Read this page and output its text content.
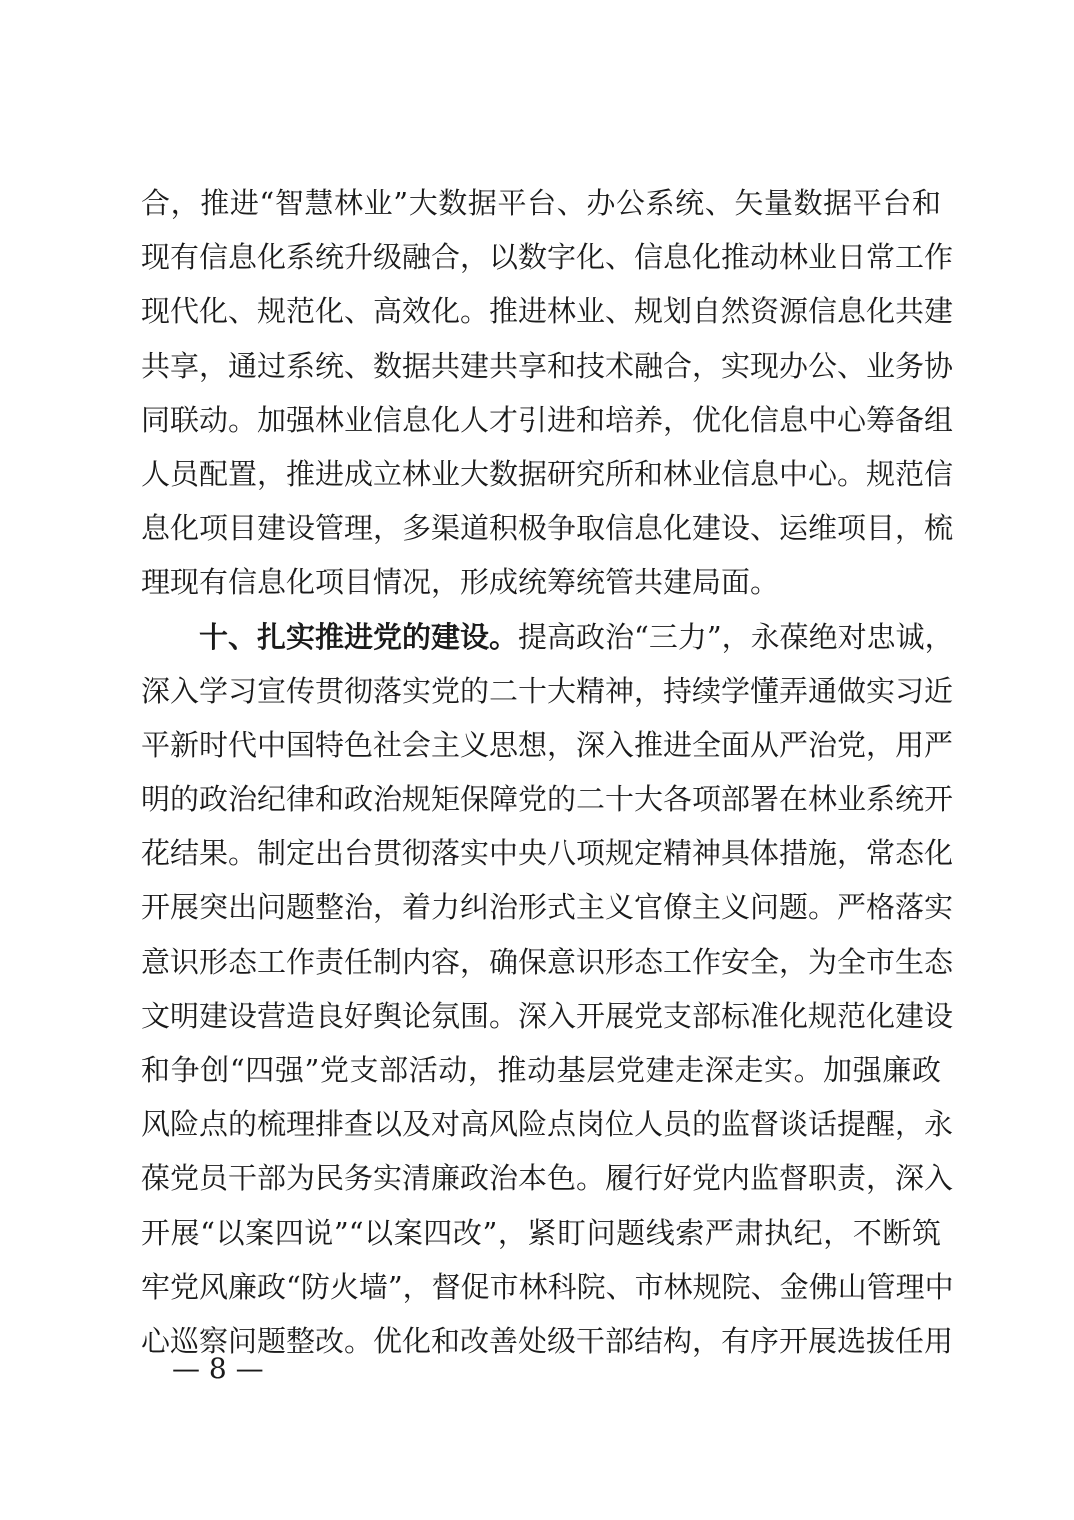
合，推进“智慧林业”大数据平台、办公系统、矢量数据平台和
现有信息化系统升级融合，以数字化、信息化推动林业日常工作
现代化、规范化、高效化。推进林业、规划自然资源信息化共建
共享，通过系统、数据共建共享和技术融合，实现办公、业务协
同联动。加强林业信息化人才引进和培养，优化信息中心筹备组
人员配置，推进成立林业大数据研究所和林业信息中心。规范信
息化项目建设管理，多渠道积极争取信息化建设、运维项目，梳
理现有信息化项目情况，形成统筹统管共建局面。
十、扎实推进党的建设。提高政治“三力”，永葆绝对忠诚，
深入学习宣传贯彻落实党的二十大精神，持续学懂弄通做实习近
平新时代中国特色社会主义思想，深入推进全面从严治党，用严
明的政治纪律和政治规矩保障党的二十大各项部署在林业系统开
花结果。制定出台贯彻落实中央八项规定精神具体措施，常态化
开展突出问题整治，着力纠治形式主义官僚主义问题。严格落实
意识形态工作责任制内容，确保意识形态工作安全，为全市生态
文明建设营造良好舆论氛围。深入开展党支部标准化规范化建设
和争创“四强”党支部活动，推动基层党建走深走实。加强廉政
风险点的梳理排查以及对高风险点岗位人员的监督谈话提醒，永
葆党员干部为民务实清廉政治本色。履行好党内监督职责，深入
开展“以案四说”“以案四改”，紧盯问题线索严肃执纪，不断筑
牢党风廉政“防火墙”，督促市林科院、市林规院、金佛山管理中
心巡察问题整改。优化和改善处级干部结构，有序开展选拔任用
— 8 —
